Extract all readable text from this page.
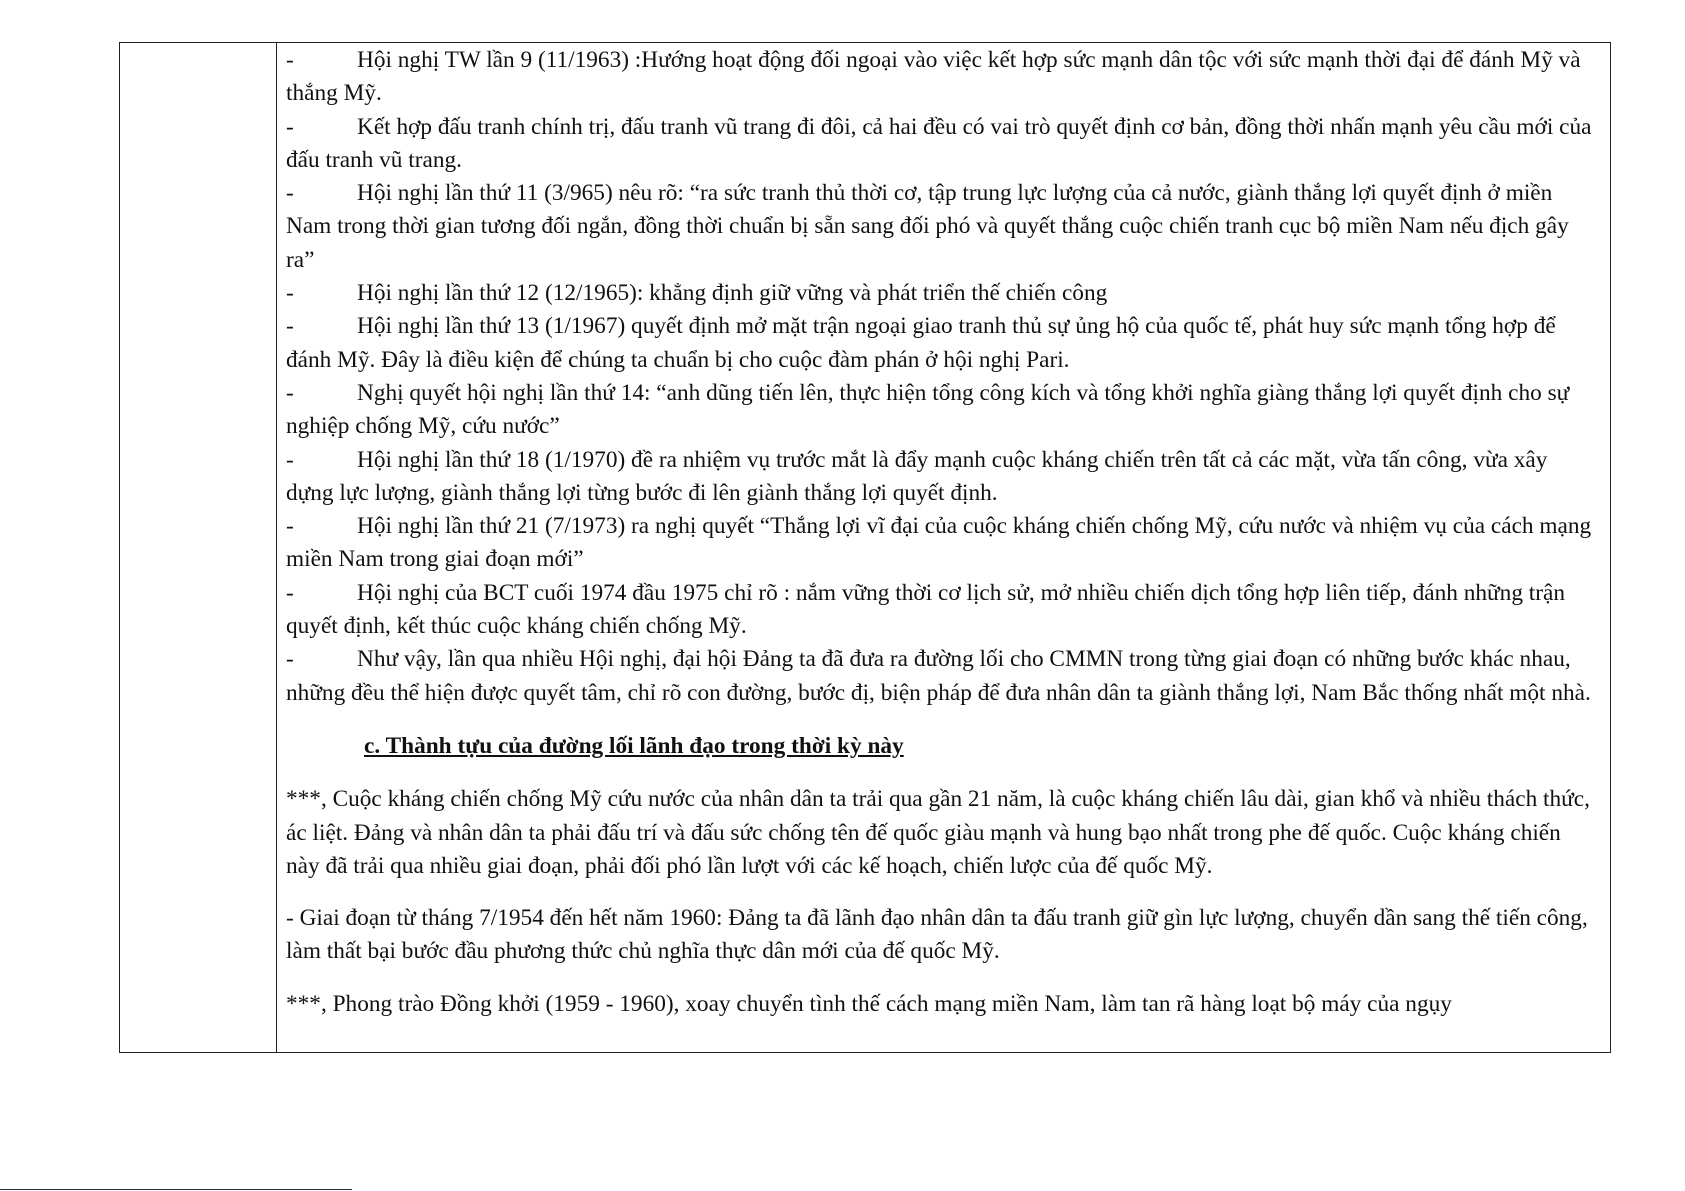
-	Hội nghị TW lần 9 (11/1963) :Hướng hoạt động đối ngoại vào việc kết hợp sức mạnh dân tộc với sức mạnh thời đại để đánh Mỹ và thắng Mỹ.

-	Kết hợp đấu tranh chính trị, đấu tranh vũ trang đi đôi, cả hai đều có vai trò quyết định cơ bản, đồng thời nhấn mạnh yêu cầu mới của đấu tranh vũ trang.

-	Hội nghị lần thứ 11 (3/965) nêu rõ: “ra sức tranh thủ thời cơ, tập trung lực lượng của cả nước, giành thắng lợi quyết định ở miền Nam trong thời gian tương đối ngắn, đồng thời chuẩn bị sẵn sang đối phó và quyết thắng cuộc chiến tranh cục bộ miền Nam nếu địch gây ra”

-	Hội nghị lần thứ 12 (12/1965): khẳng định giữ vững và phát triển thế chiến công

-	Hội nghị lần thứ 13 (1/1967) quyết định mở mặt trận ngoại giao tranh thủ sự ủng hộ của quốc tế, phát huy sức mạnh tổng hợp để đánh Mỹ. Đây là điều kiện để chúng ta chuẩn bị cho cuộc đàm phán ở hội nghị Pari.

-	Nghị quyết hội nghị lần thứ 14: “anh dũng tiến lên, thực hiện tổng công kích và tổng khởi nghĩa giàng thắng lợi quyết định cho sự nghiệp chống Mỹ, cứu nước”

-	Hội nghị lần thứ 18 (1/1970) đề ra nhiệm vụ trước mắt là đẩy mạnh cuộc kháng chiến trên tất cả các mặt, vừa tấn công, vừa xây dựng lực lượng, giành thắng lợi từng bước đi lên giành thắng lợi quyết định.

-	Hội nghị lần thứ 21 (7/1973) ra nghị quyết “Thắng lợi vĩ đại của cuộc kháng chiến chống Mỹ, cứu nước và nhiệm vụ của cách mạng miền Nam trong giai đoạn mới”

-	Hội nghị của BCT cuối 1974 đầu 1975 chỉ rõ : nắm vững thời cơ lịch sử, mở nhiều chiến dịch tổng hợp liên tiếp, đánh những trận quyết định, kết thúc cuộc kháng chiến chống Mỹ.

-	Như vậy, lần qua nhiều Hội nghị, đại hội Đảng ta đã đưa ra đường lối cho CMMN trong từng giai đoạn có những bước khác nhau, những đều thể hiện được quyết tâm, chỉ rõ con đường, bước đị, biện pháp để đưa nhân dân ta giành thắng lợi, Nam Bắc thống nhất một nhà.

c. Thành tựu của đường lối lãnh đạo trong thời kỳ này

***, Cuộc kháng chiến chống Mỹ cứu nước của nhân dân ta trải qua gần 21 năm, là cuộc kháng chiến lâu dài, gian khổ và nhiều thách thức, ác liệt. Đảng và nhân dân ta phải đấu trí và đấu sức chống tên đế quốc giàu mạnh và hung bạo nhất trong phe đế quốc. Cuộc kháng chiến này đã trải qua nhiều giai đoạn, phải đối phó lần lượt với các kế hoạch, chiến lược của đế quốc Mỹ.

- Giai đoạn từ tháng 7/1954 đến hết năm 1960: Đảng ta đã lãnh đạo nhân dân ta đấu tranh giữ gìn lực lượng, chuyển dần sang thế tiến công, làm thất bại bước đầu phương thức chủ nghĩa thực dân mới của đế quốc Mỹ.

***, Phong trào Đồng khởi (1959 - 1960), xoay chuyển tình thế cách mạng miền Nam, làm tan rã hàng loạt bộ máy của ngụy
